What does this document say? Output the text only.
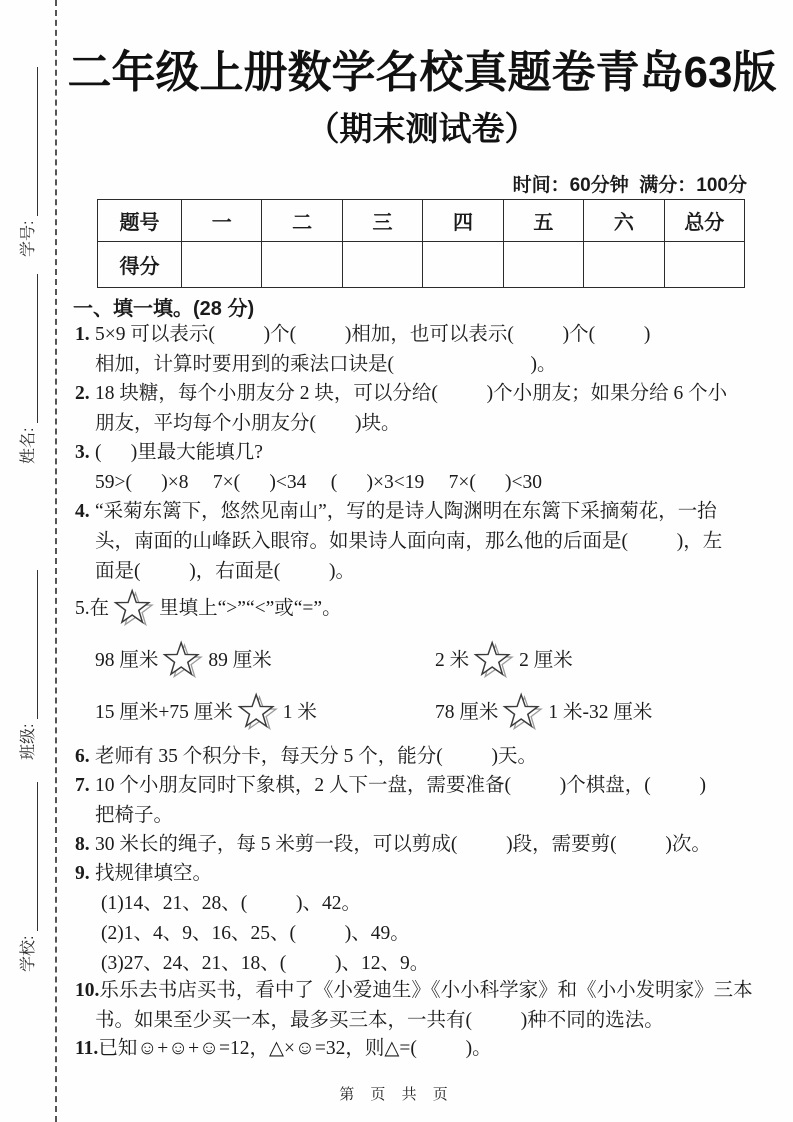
学号:
姓名:
班级:
学校:
二年级上册数学名校真题卷青岛63版
（期末测试卷）
时间：60分钟  满分：100分
题号	一	二	三	四	五	六	总分
得分							
一、填一填。(28 分)
1. 5×9 可以表示(          )个(          )相加，也可以表示(          )个(          )
相加，计算时要用到的乘法口诀是(                            )。
2. 18 块糖，每个小朋友分 2 块，可以分给(          )个小朋友；如果分给 6 个小
朋友，平均每个小朋友分(        )块。
3. (      )里最大能填几?
59>(      )×8     7×(      )<34     (      )×3<19     7×(      )<30
4. “采菊东篱下，悠然见南山”，写的是诗人陶渊明在东篱下采摘菊花，一抬
头，南面的山峰跃入眼帘。如果诗人面向南，那么他的后面是(          )，左
面是(          )，右面是(          )。
5. 在	里填上“>”“<”或“=”。
98 厘米	89 厘米	2 米	2 厘米
15 厘米+75 厘米	1 米	78 厘米	1 米-32 厘米
6. 老师有 35 个积分卡，每天分 5 个，能分(          )天。
7. 10 个小朋友同时下象棋，2 人下一盘，需要准备(          )个棋盘，(          )
把椅子。
8. 30 米长的绳子，每 5 米剪一段，可以剪成(          )段，需要剪(          )次。
9. 找规律填空。
(1)14、21、28、(          )、42。
(2)1、4、9、16、25、(          )、49。
(3)27、24、21、18、(          )、12、9。
10.乐乐去书店买书，看中了《小爱迪生》《小小科学家》和《小小发明家》三本
书。如果至少买一本，最多买三本，一共有(          )种不同的选法。
11.已知☺+☺+☺=12，△×☺=32，则△=(          )。
第 页 共 页
